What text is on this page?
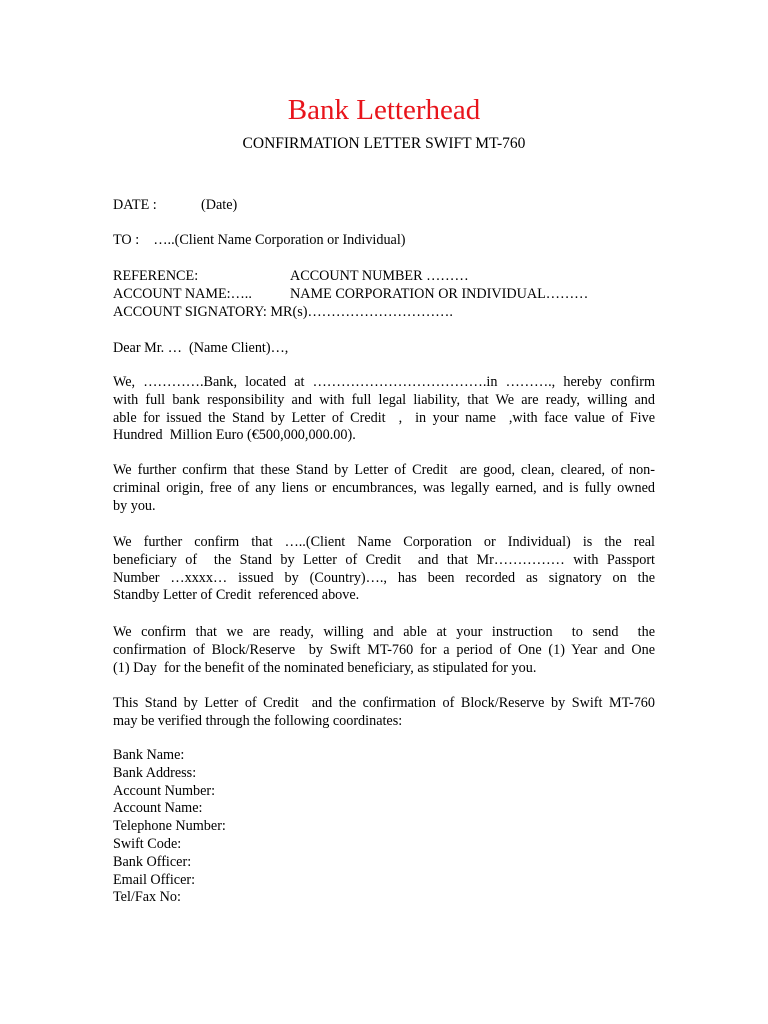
Bank Letterhead
CONFIRMATION LETTER SWIFT MT-760
DATE :	(Date)
TO :    …..(Client Name Corporation or Individual)
REFERENCE:	ACCOUNT NUMBER ………
ACCOUNT NAME:…..	NAME CORPORATION OR INDIVIDUAL………
ACCOUNT SIGNATORY: MR(s)………………………….
Dear Mr. …  (Name Client)…,
We, ………….Bank, located at ……………………………….in ………., hereby confirm
with full bank responsibility and with full legal liability, that We are ready, willing and
able for issued the Stand by Letter of Credit  ,  in your name  ,with face value of Five
Hundred  Million Euro (€500,000,000.00).
We further confirm that these Stand by Letter of Credit  are good, clean, cleared, of non-
criminal origin, free of any liens or encumbrances, was legally earned, and is fully owned
by you.
We further confirm that …..(Client Name Corporation or Individual) is the real
beneficiary of  the Stand by Letter of Credit  and that Mr…………… with Passport
Number …xxxx… issued by (Country)…., has been recorded as signatory on the
Standby Letter of Credit  referenced above.
We confirm that we are ready, willing and able at your instruction  to send  the
confirmation of Block/Reserve  by Swift MT-760 for a period of One (1) Year and One
(1) Day  for the benefit of the nominated beneficiary, as stipulated for you.
This Stand by Letter of Credit  and the confirmation of Block/Reserve by Swift MT-760
may be verified through the following coordinates:
Bank Name:
Bank Address:
Account Number:
Account Name:
Telephone Number:
Swift Code:
Bank Officer:
Email Officer:
Tel/Fax No:
